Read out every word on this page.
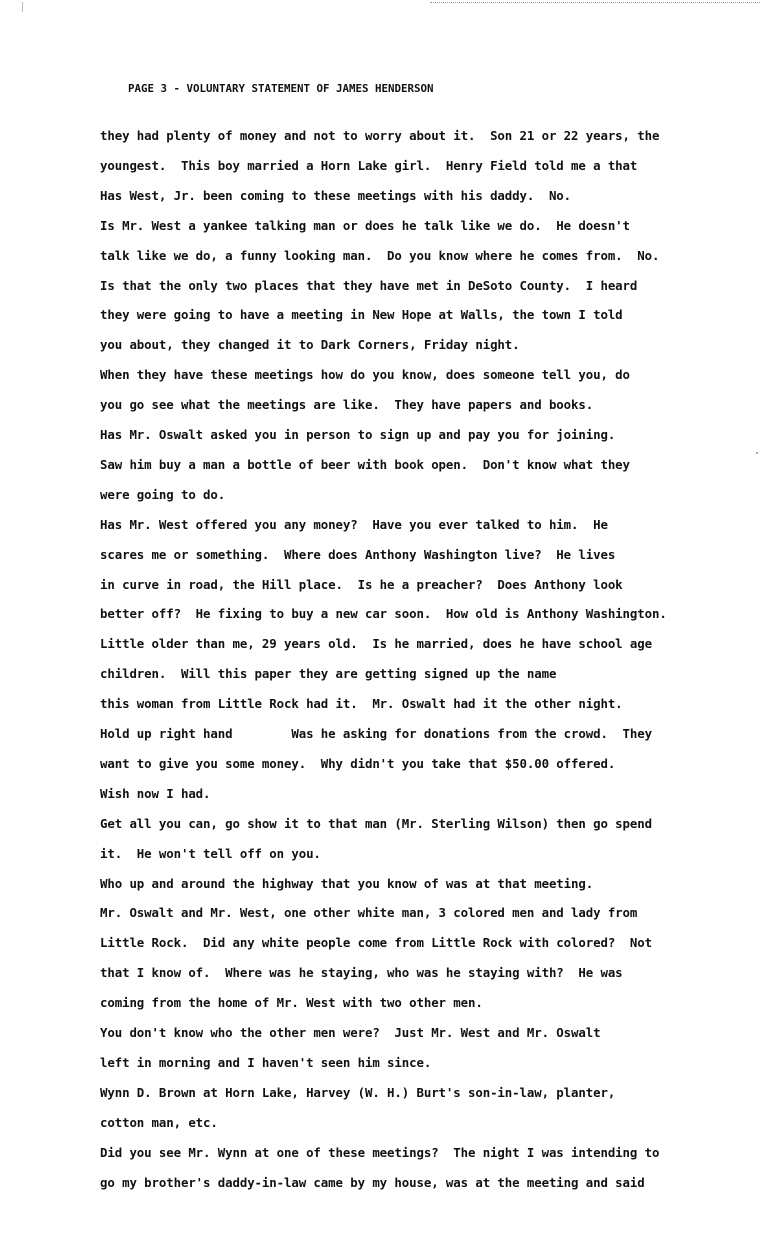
PAGE 3 - VOLUNTARY STATEMENT OF JAMES HENDERSON
they had plenty of money and not to worry about it.  Son 21 or 22 years, the
youngest.  This boy married a Horn Lake girl.  Henry Field told me a that
Has West, Jr. been coming to these meetings with his daddy.  No.
Is Mr. West a yankee talking man or does he talk like we do.  He doesn't
talk like we do, a funny looking man.  Do you know where he comes from.  No.
Is that the only two places that they have met in DeSoto County.  I heard
they were going to have a meeting in New Hope at Walls, the town I told
you about, they changed it to Dark Corners, Friday night.
When they have these meetings how do you know, does someone tell you, do
you go see what the meetings are like.  They have papers and books.
Has Mr. Oswalt asked you in person to sign up and pay you for joining.
Saw him buy a man a bottle of beer with book open.  Don't know what they
were going to do.
Has Mr. West offered you any money?  Have you ever talked to him.  He
scares me or something.  Where does Anthony Washington live?  He lives
in curve in road, the Hill place.  Is he a preacher?  Does Anthony look
better off?  He fixing to buy a new car soon.  How old is Anthony Washington.
Little older than me, 29 years old.  Is he married, does he have school age
children.  Will this paper they are getting signed up the name
this woman from Little Rock had it.  Mr. Oswalt had it the other night.
Hold up right hand        Was he asking for donations from the crowd.  They
want to give you some money.  Why didn't you take that $50.00 offered.
Wish now I had.
Get all you can, go show it to that man (Mr. Sterling Wilson) then go spend
it.  He won't tell off on you.
Who up and around the highway that you know of was at that meeting.
Mr. Oswalt and Mr. West, one other white man, 3 colored men and lady from
Little Rock.  Did any white people come from Little Rock with colored?  Not
that I know of.  Where was he staying, who was he staying with?  He was
coming from the home of Mr. West with two other men.
You don't know who the other men were?  Just Mr. West and Mr. Oswalt
left in morning and I haven't seen him since.
Wynn D. Brown at Horn Lake, Harvey (W. H.) Burt's son-in-law, planter,
cotton man, etc.
Did you see Mr. Wynn at one of these meetings?  The night I was intending to
go my brother's daddy-in-law came by my house, was at the meeting and said
